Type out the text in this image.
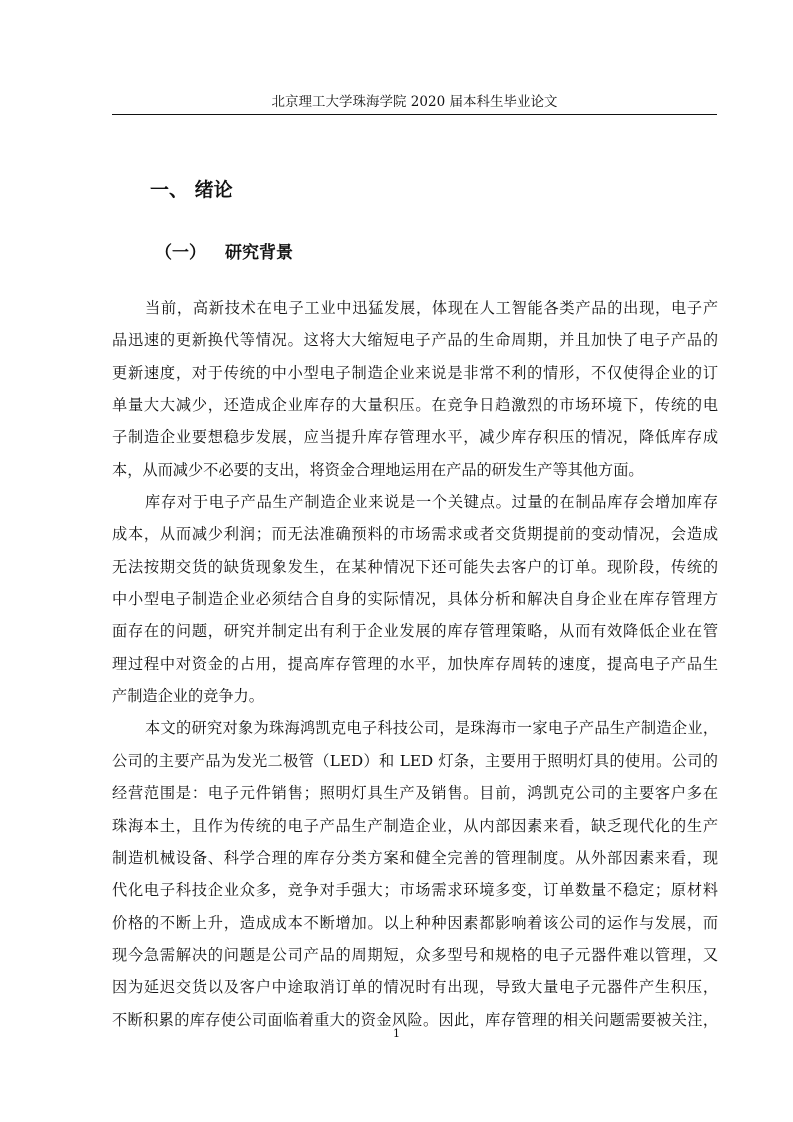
北京理工大学珠海学院 2020 届本科生毕业论文
一、 绪论
（一） 研究背景
当前，高新技术在电子工业中迅猛发展，体现在人工智能各类产品的出现，电子产
品迅速的更新换代等情况。这将大大缩短电子产品的生命周期，并且加快了电子产品的
更新速度，对于传统的中小型电子制造企业来说是非常不利的情形，不仅使得企业的订
单量大大减少，还造成企业库存的大量积压。在竞争日趋激烈的市场环境下，传统的电
子制造企业要想稳步发展，应当提升库存管理水平，减少库存积压的情况，降低库存成
本，从而减少不必要的支出，将资金合理地运用在产品的研发生产等其他方面。
库存对于电子产品生产制造企业来说是一个关键点。过量的在制品库存会增加库存
成本，从而减少利润；而无法准确预料的市场需求或者交货期提前的变动情况，会造成
无法按期交货的缺货现象发生，在某种情况下还可能失去客户的订单。现阶段，传统的
中小型电子制造企业必须结合自身的实际情况，具体分析和解决自身企业在库存管理方
面存在的问题，研究并制定出有利于企业发展的库存管理策略，从而有效降低企业在管
理过程中对资金的占用，提高库存管理的水平，加快库存周转的速度，提高电子产品生
产制造企业的竞争力。
本文的研究对象为珠海鸿凯克电子科技公司，是珠海市一家电子产品生产制造企业，
公司的主要产品为发光二极管（LED）和 LED 灯条，主要用于照明灯具的使用。公司的
经营范围是：电子元件销售；照明灯具生产及销售。目前，鸿凯克公司的主要客户多在
珠海本土，且作为传统的电子产品生产制造企业，从内部因素来看，缺乏现代化的生产
制造机械设备、科学合理的库存分类方案和健全完善的管理制度。从外部因素来看，现
代化电子科技企业众多，竞争对手强大；市场需求环境多变，订单数量不稳定；原材料
价格的不断上升，造成成本不断增加。以上种种因素都影响着该公司的运作与发展，而
现今急需解决的问题是公司产品的周期短，众多型号和规格的电子元器件难以管理，又
因为延迟交货以及客户中途取消订单的情况时有出现，导致大量电子元器件产生积压，
不断积累的库存使公司面临着重大的资金风险。因此，库存管理的相关问题需要被关注，
1
